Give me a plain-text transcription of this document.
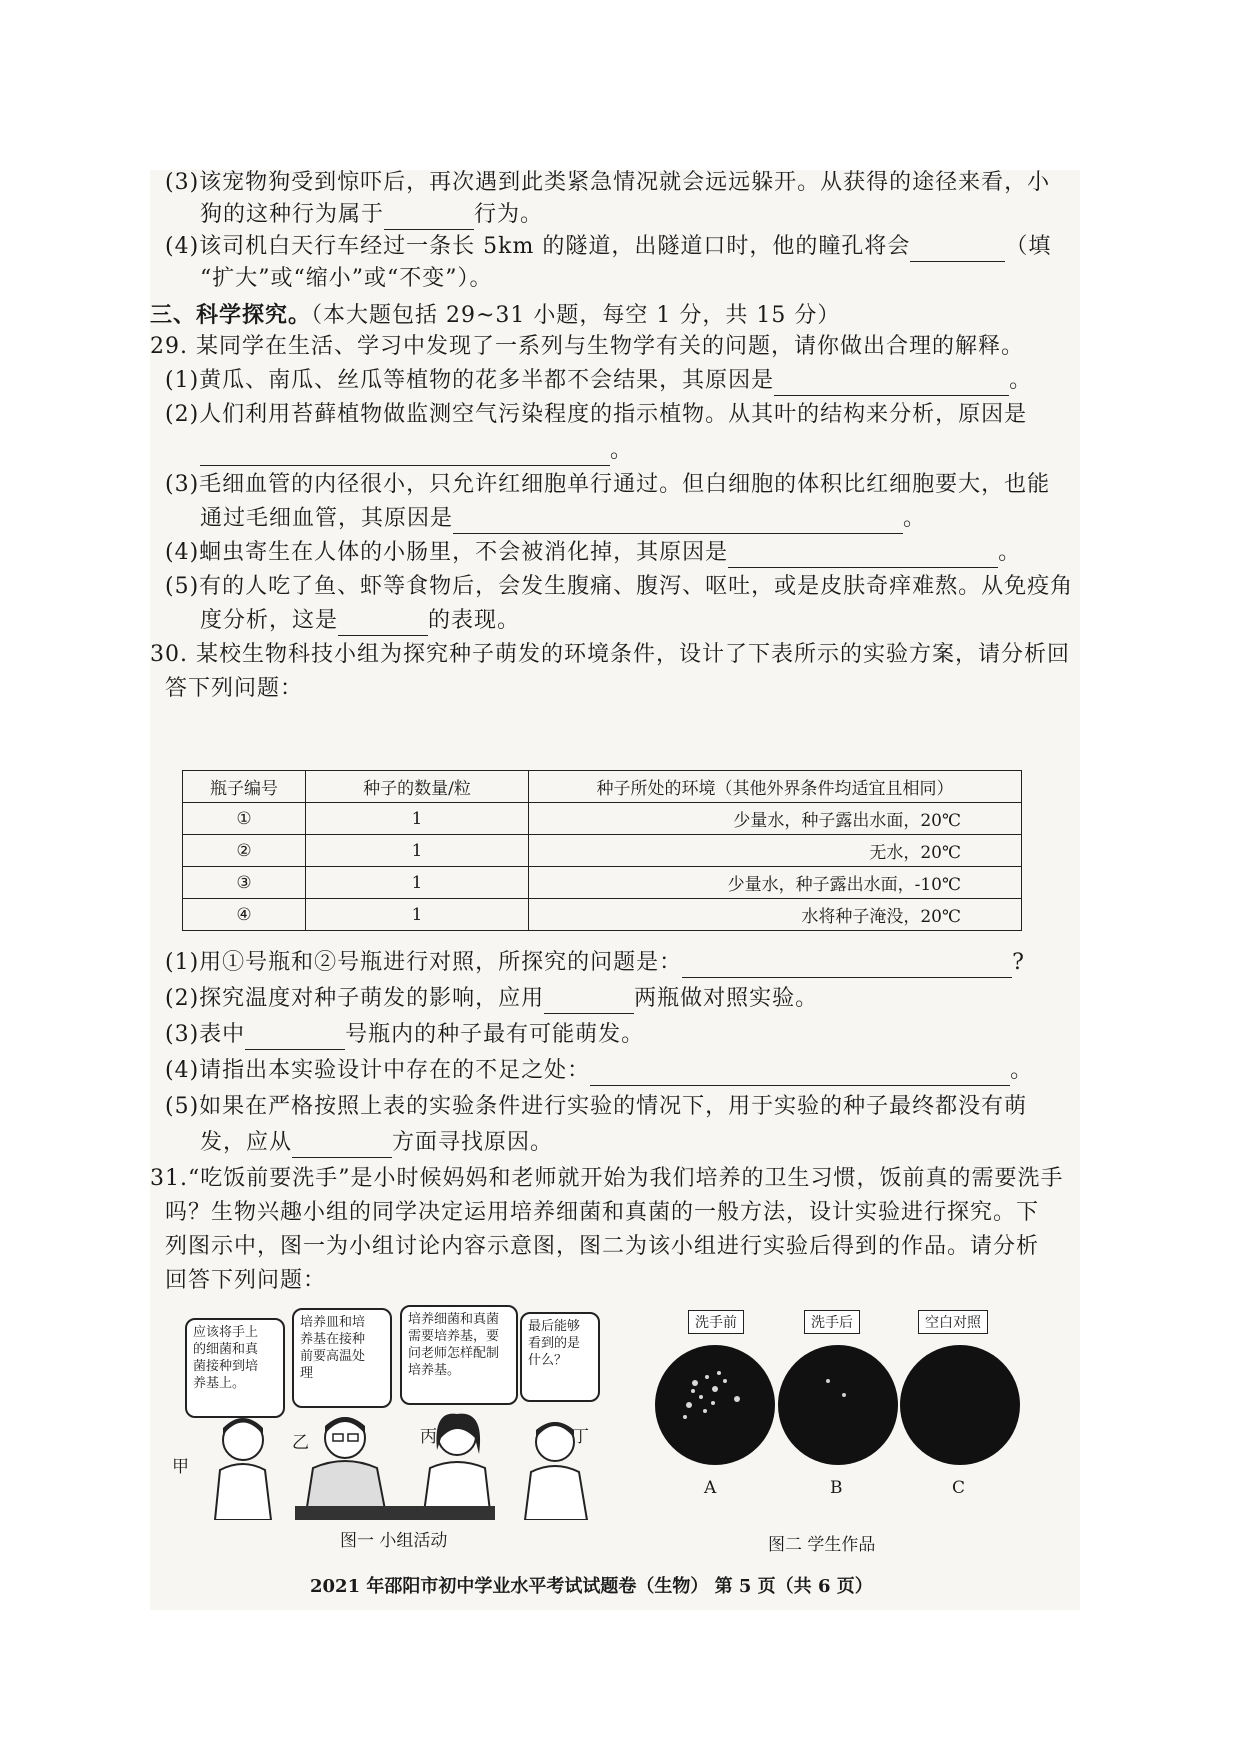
(3)该宠物狗受到惊吓后，再次遇到此类紧急情况就会远远躲开。从获得的途径来看，小
狗的这种行为属于	行为。
(4)该司机白天行车经过一条长 5km 的隧道，出隧道口时，他的瞳孔将会	（填
“扩大”或“缩小”或“不变”）。
三、科学探究。（本大题包括 29~31 小题，每空 1 分，共 15 分）
29. 某同学在生活、学习中发现了一系列与生物学有关的问题，请你做出合理的解释。
(1)黄瓜、南瓜、丝瓜等植物的花多半都不会结果，其原因是	。
(2)人们利用苔藓植物做监测空气污染程度的指示植物。从其叶的结构来分析，原因是
。
(3)毛细血管的内径很小，只允许红细胞单行通过。但白细胞的体积比红细胞要大，也能
通过毛细血管，其原因是	。
(4)蛔虫寄生在人体的小肠里，不会被消化掉，其原因是	。
(5)有的人吃了鱼、虾等食物后，会发生腹痛、腹泻、呕吐，或是皮肤奇痒难熬。从免疫角
度分析，这是	的表现。
30. 某校生物科技小组为探究种子萌发的环境条件，设计了下表所示的实验方案，请分析回
答下列问题：
瓶子编号	种子的数量/粒	种子所处的环境（其他外界条件均适宜且相同）
①	1	少量水，种子露出水面，20℃
②	1	无水，20℃
③	1	少量水，种子露出水面，-10℃
④	1	水将种子淹没，20℃
(1)用①号瓶和②号瓶进行对照，所探究的问题是：	?
(2)探究温度对种子萌发的影响，应用	两瓶做对照实验。
(3)表中	号瓶内的种子最有可能萌发。
(4)请指出本实验设计中存在的不足之处：	。
(5)如果在严格按照上表的实验条件进行实验的情况下，用于实验的种子最终都没有萌
发，应从	方面寻找原因。
31.“吃饭前要洗手”是小时候妈妈和老师就开始为我们培养的卫生习惯，饭前真的需要洗手
吗？生物兴趣小组的同学决定运用培养细菌和真菌的一般方法，设计实验进行探究。下
列图示中，图一为小组讨论内容示意图，图二为该小组进行实验后得到的作品。请分析
回答下列问题：
应该将手上
的细菌和真
菌接种到培
养基上。
培养皿和培
养基在接种
前要高温处
理
培养细菌和真菌
需要培养基，要
问老师怎样配制
培养基。
最后能够
看到的是
什么？
甲
乙	丙	丁
图一 小组活动
洗手前	洗手后	空白对照
A	B	C
图二 学生作品
2021 年邵阳市初中学业水平考试试题卷（生物） 第 5 页（共 6 页）
